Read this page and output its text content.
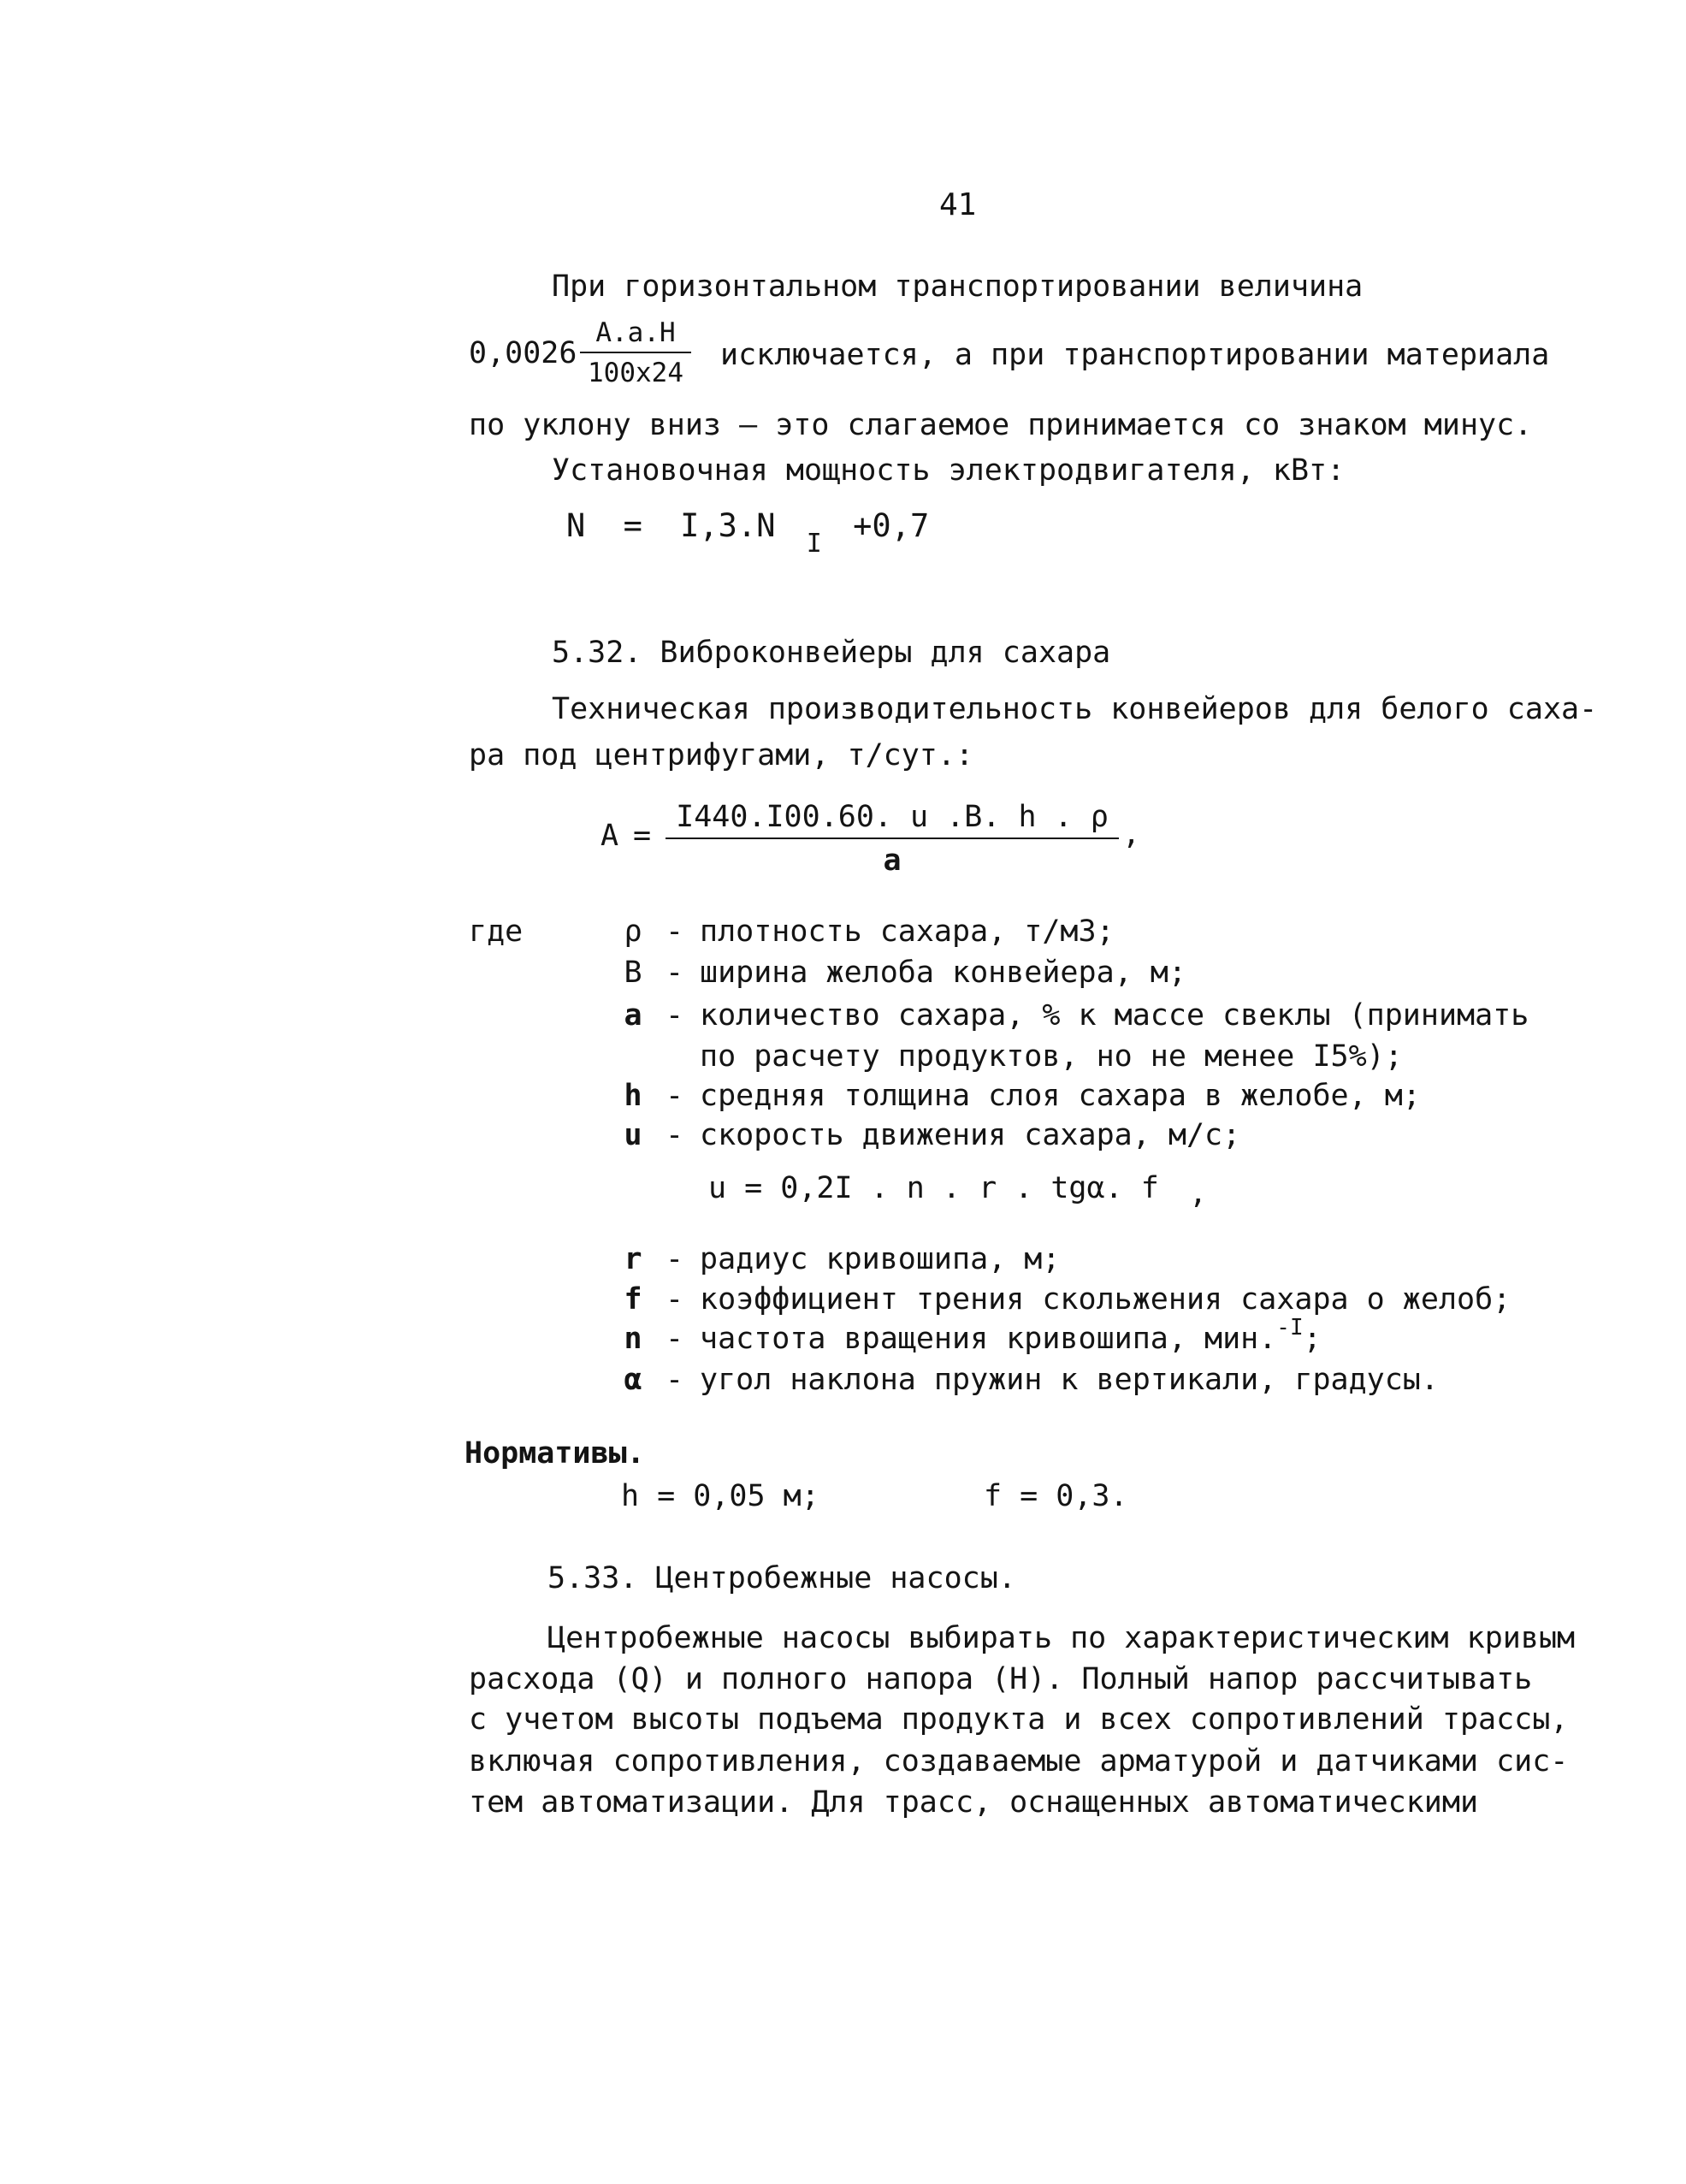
41
При горизонтальном транспортировании величина
$0,0026 \frac{A.a.H}{100x24}$ исключается, а при транспортировании материала
по уклону вниз – это слагаемое принимается со знаком минус.
Установочная мощность электродвигателя, кВт:
N = I,3.N $_I$ +0,7
5.32. Виброконвейеры для сахара
Техническая производительность конвейеров для белого саха-
ра под центрифугами, т/сут.:
$A = \frac{I440.I00.60. u .B. h . \rho}{a}$ ,
где	ρ - плотность сахара, т/м3;
B - ширина желоба конвейера, м;
a - количество сахара, % к массе свеклы (принимать
по расчету продуктов, но не менее I5%);
h - средняя толщина слоя сахара в желобе, м;
u - скорость движения сахара, м/с;
u = 0,2I . n . r . tgα. f ,
r - радиус кривошипа, м;
f - коэффициент трения скольжения сахара о желоб;
n - частота вращения кривошипа, мин.$^{-I}$;
α - угол наклона пружин к вертикали, градусы.
Нормативы.
h = 0,05 м;	f = 0,3.
5.33. Центробежные насосы.
Центробежные насосы выбирать по характеристическим кривым
расхода (Q) и полного напора (H). Полный напор рассчитывать
с учетом высоты подъема продукта и всех сопротивлений трассы,
включая сопротивления, создаваемые арматурой и датчиками сис-
тем автоматизации. Для трасс, оснащенных автоматическими
